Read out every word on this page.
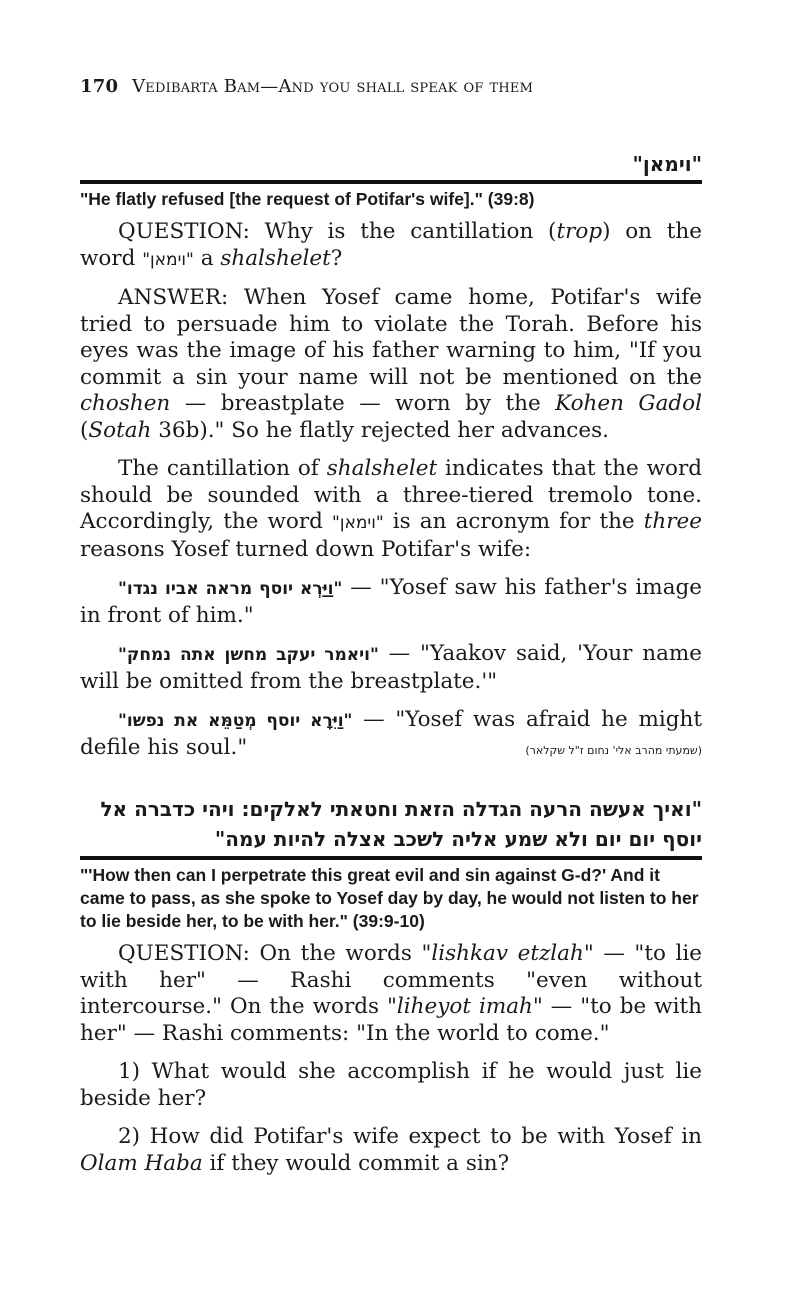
170 Vedibarta Bam—And you shall speak of them
"וימאן"
"He flatly refused [the request of Potifar's wife]." (39:8)

QUESTION: Why is the cantillation (trop) on the word "וימאן" a shalshelet?

ANSWER: When Yosef came home, Potifar's wife tried to persuade him to violate the Torah. Before his eyes was the image of his father warning to him, "If you commit a sin your name will not be mentioned on the choshen — breastplate — worn by the Kohen Gadol (Sotah 36b)." So he flatly rejected her advances.

The cantillation of shalshelet indicates that the word should be sounded with a three-tiered tremolo tone. Accordingly, the word "וימאן" is an acronym for the three reasons Yosef turned down Potifar's wife:

"וַיַּרְא יוסף מראה אביו נגדו" — "Yosef saw his father's image in front of him."

"ויאמר יעקב מחשן אתה נמחק" — "Yaakov said, 'Your name will be omitted from the breastplate.'"

"וַיִּרָא יוסף מְטַמֵּא את נפשו" — "Yosef was afraid he might defile his soul."	(שמעתי מהרב אלי' נחום ז"ל שקלאר)
"ואיך אעשה הרעה הגדלה הזאת וחטאתי לאלקים: ויהי כדברה אל
יוסף יום יום ולא שמע אליה לשכב אצלה להיות עמה"
"'How then can I perpetrate this great evil and sin against G-d?' And it came to pass, as she spoke to Yosef day by day, he would not listen to her to lie beside her, to be with her." (39:9-10)

QUESTION: On the words "lishkav etzlah" — "to lie with her" — Rashi comments "even without intercourse." On the words "liheyot imah" — "to be with her" — Rashi comments: "In the world to come."

1) What would she accomplish if he would just lie beside her?

2) How did Potifar's wife expect to be with Yosef in Olam Haba if they would commit a sin?
